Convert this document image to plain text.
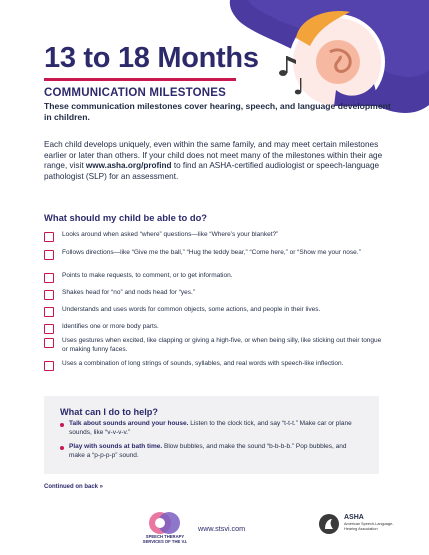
13 to 18 Months
COMMUNICATION MILESTONES

These communication milestones cover hearing, speech, and language development in children.

Each child develops uniquely, even within the same family, and may meet certain milestones earlier or later than others. If your child does not meet many of the milestones within their age range, visit www.asha.org/profind to find an ASHA-certified audiologist or speech-language pathologist (SLP) for an assessment.

What should my child be able to do?

Looks around when asked “where” questions—like “Where’s your blanket?”

Follows directions—like “Give me the ball,” “Hug the teddy bear,” “Come here,” or “Show me your nose.”

Points to make requests, to comment, or to get information.

Shakes head for “no” and nods head for “yes.”

Understands and uses words for common objects, some actions, and people in their lives.

Identifies one or more body parts.

Uses gestures when excited, like clapping or giving a high-five, or when being silly, like sticking out their tongue or making funny faces.

Uses a combination of long strings of sounds, syllables, and real words with speech-like inflection.

What can I do to help?

Talk about sounds around your house. Listen to the clock tick, and say “t-t-t.” Make car or plane sounds, like “v-v-v-v.”

Play with sounds at bath time. Blow bubbles, and make the sound “b-b-b-b.” Pop bubbles, and make a “p-p-p-p” sound.

Continued on back »

SPEECH THERAPY
SERVICES OF THE V.I.

www.stsvi.com

ASHA

American Speech-Language-Hearing Association
